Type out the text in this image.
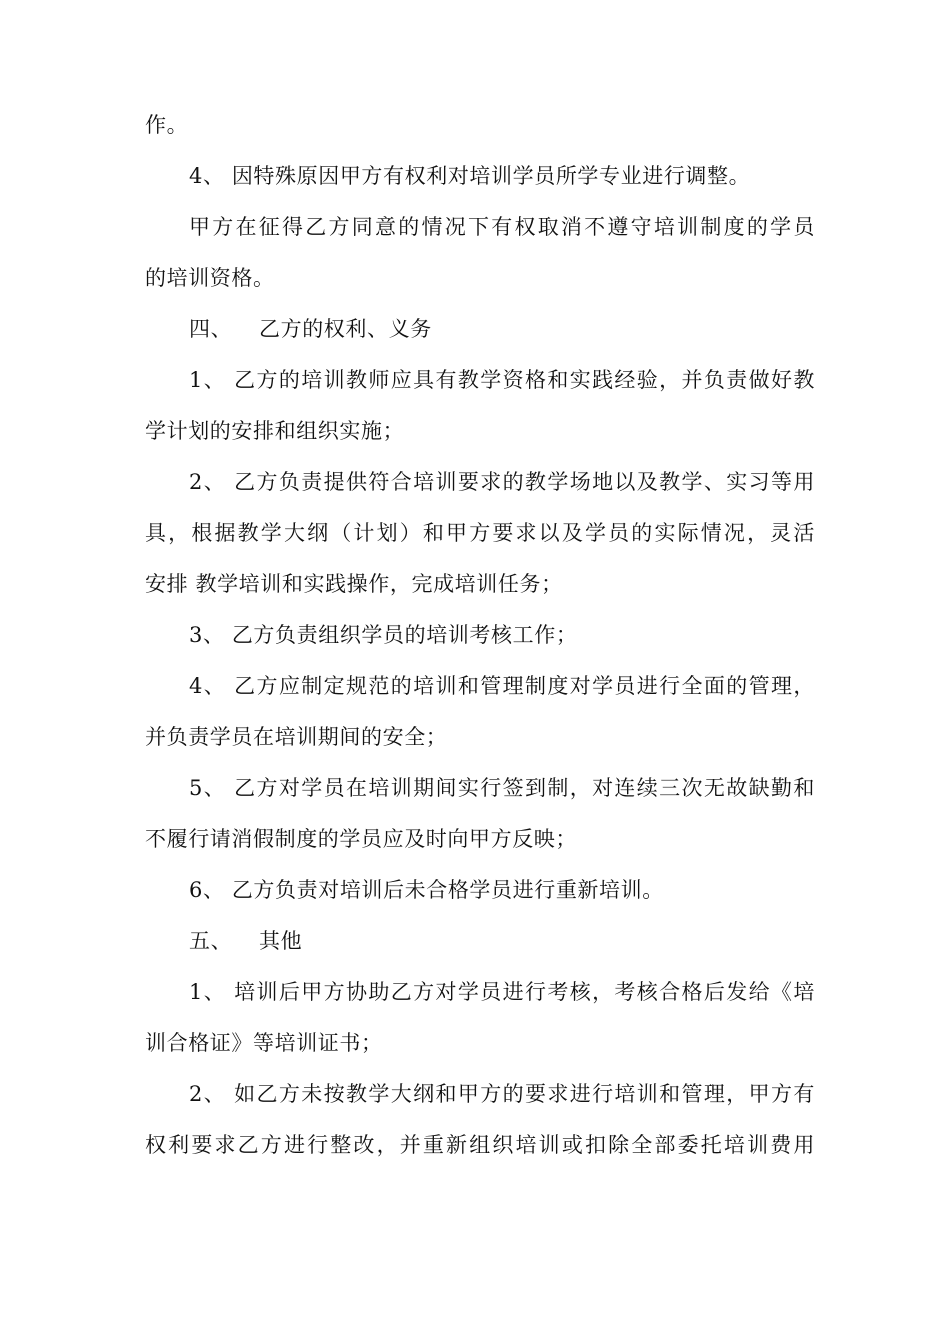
作。
4、 因特殊原因甲方有权利对培训学员所学专业进行调整。
甲方在征得乙方同意的情况下有权取消不遵守培训制度的学员
的培训资格。
四、 乙方的权利、义务
1、 乙方的培训教师应具有教学资格和实践经验，并负责做好教
学计划的安排和组织实施；
2、 乙方负责提供符合培训要求的教学场地以及教学、实习等用
具，根据教学大纲（计划）和甲方要求以及学员的实际情况，灵活
安排 教学培训和实践操作，完成培训任务；
3、 乙方负责组织学员的培训考核工作；
4、 乙方应制定规范的培训和管理制度对学员进行全面的管理，
并负责学员在培训期间的安全；
5、 乙方对学员在培训期间实行签到制，对连续三次无故缺勤和
不履行请消假制度的学员应及时向甲方反映；
6、 乙方负责对培训后未合格学员进行重新培训。
五、 其他
1、 培训后甲方协助乙方对学员进行考核，考核合格后发给《培
训合格证》等培训证书；
2、 如乙方未按教学大纲和甲方的要求进行培训和管理，甲方有
权利要求乙方进行整改，并重新组织培训或扣除全部委托培训费用
